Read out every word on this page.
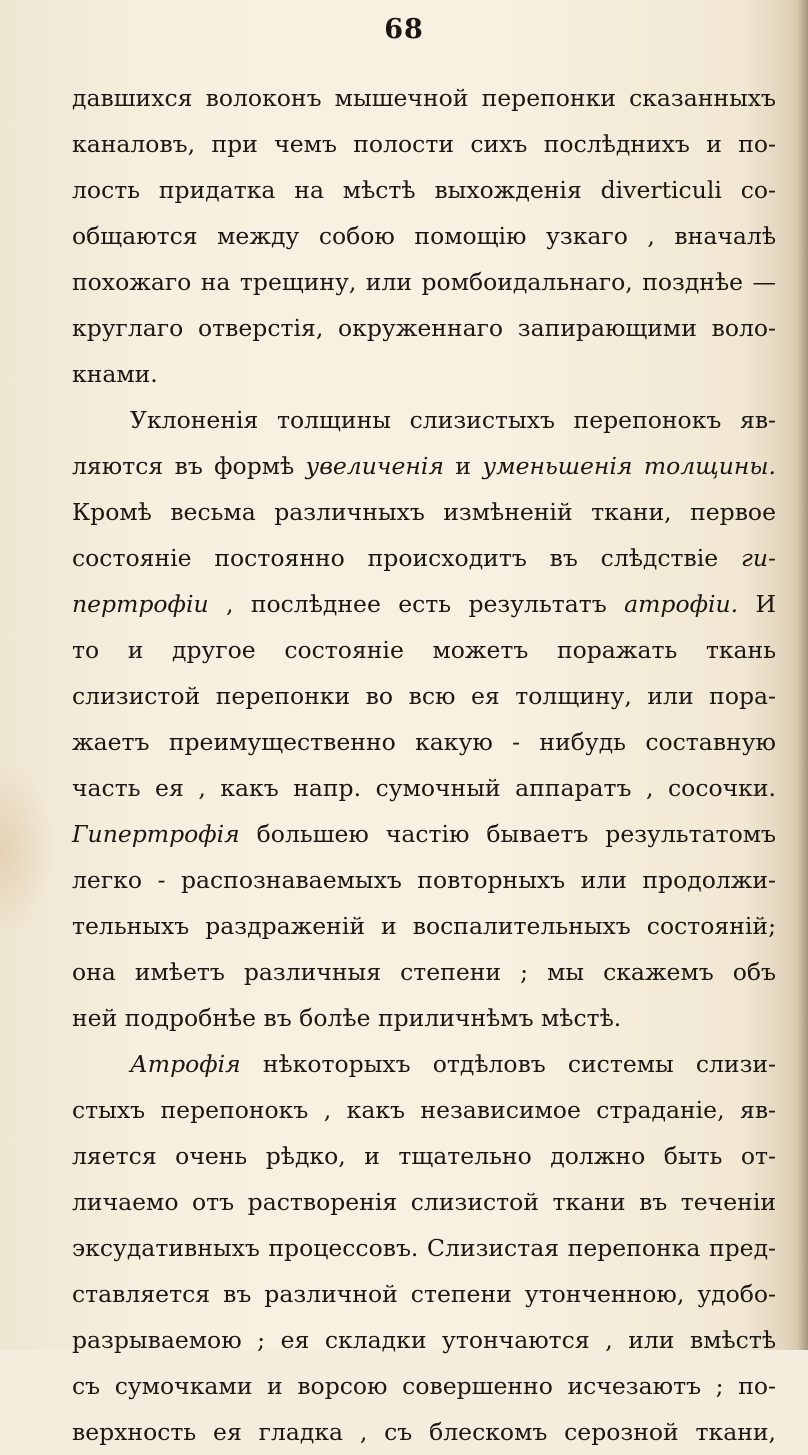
68
давшихся волоконъ мышечной перепонки сказанныхъ
каналовъ, при чемъ полости сихъ послѣднихъ и по-
лость придатка на мѣстѣ выхожденія diverticuli со-
общаются между собою помощію узкаго , вначалѣ
похожаго на трещину, или ромбоидальнаго, позднѣе —
круглаго отверстія, окруженнаго запирающими воло-
кнами.
Уклоненія толщины слизистыхъ перепонокъ яв-
ляются въ формѣ увеличенія и уменьшенія толщины.
Кромѣ весьма различныхъ измѣненій ткани, первое
состояніе постоянно происходитъ въ слѣдствіе ги-
пертрофіи , послѣднее есть результатъ атрофіи. И
то и другое состояніе можетъ поражать ткань
слизистой перепонки во всю ея толщину, или пора-
жаетъ преимущественно какую - нибудь составную
часть ея , какъ напр. сумочный аппаратъ , сосочки.
Гипертрофія большею частію бываетъ результатомъ
легко - распознаваемыхъ повторныхъ или продолжи-
тельныхъ раздраженій и воспалительныхъ состояній;
она имѣетъ различныя степени ; мы скажемъ объ
ней подробнѣе въ болѣе приличнѣмъ мѣстѣ.
Атрофія нѣкоторыхъ отдѣловъ системы слизи-
стыхъ перепонокъ , какъ независимое страданіе, яв-
ляется очень рѣдко, и тщательно должно быть от-
личаемо отъ раствoренія слизистой ткани въ теченіи
эксудативныхъ процессовъ. Слизистая перепонка пред-
ставляется въ различной степени утонченною, удобо-
разрываемою ; ея складки утончаются , или вмѣстѣ
съ сумочками и ворсою совершенно исчезаютъ ; по-
верхность ея гладка , съ блескомъ серозной ткани,
